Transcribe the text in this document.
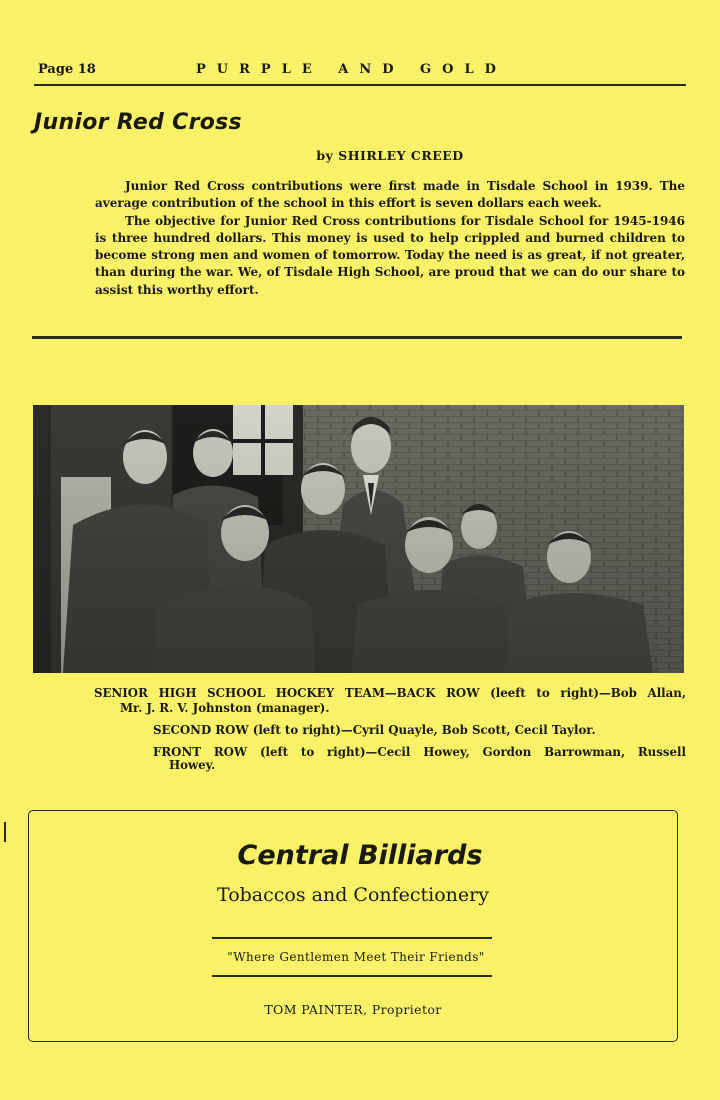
Page 18	PURPLE AND GOLD
Junior Red Cross
by SHIRLEY CREED

Junior Red Cross contributions were first made in Tisdale School in 1939. The average contribution of the school in this effort is seven dollars each week.

The objective for Junior Red Cross contributions for Tisdale School for 1945-1946 is three hundred dollars. This money is used to help crippled and burned children to become strong men and women of tomorrow. Today the need is as great, if not greater, than during the war. We, of Tisdale High School, are proud that we can do our share to assist this worthy effort.

SENIOR HIGH SCHOOL HOCKEY TEAM—BACK ROW (leeft to right)—Bob Allan,
Mr. J. R. V. Johnston (manager).
SECOND ROW (left to right)—Cyril Quayle, Bob Scott, Cecil Taylor.
FRONT ROW (left to right)—Cecil Howey, Gordon Barrowman, Russell
Howey.
Central Billiards
Tobaccos and Confectionery
"Where Gentlemen Meet Their Friends"
TOM PAINTER, Proprietor
